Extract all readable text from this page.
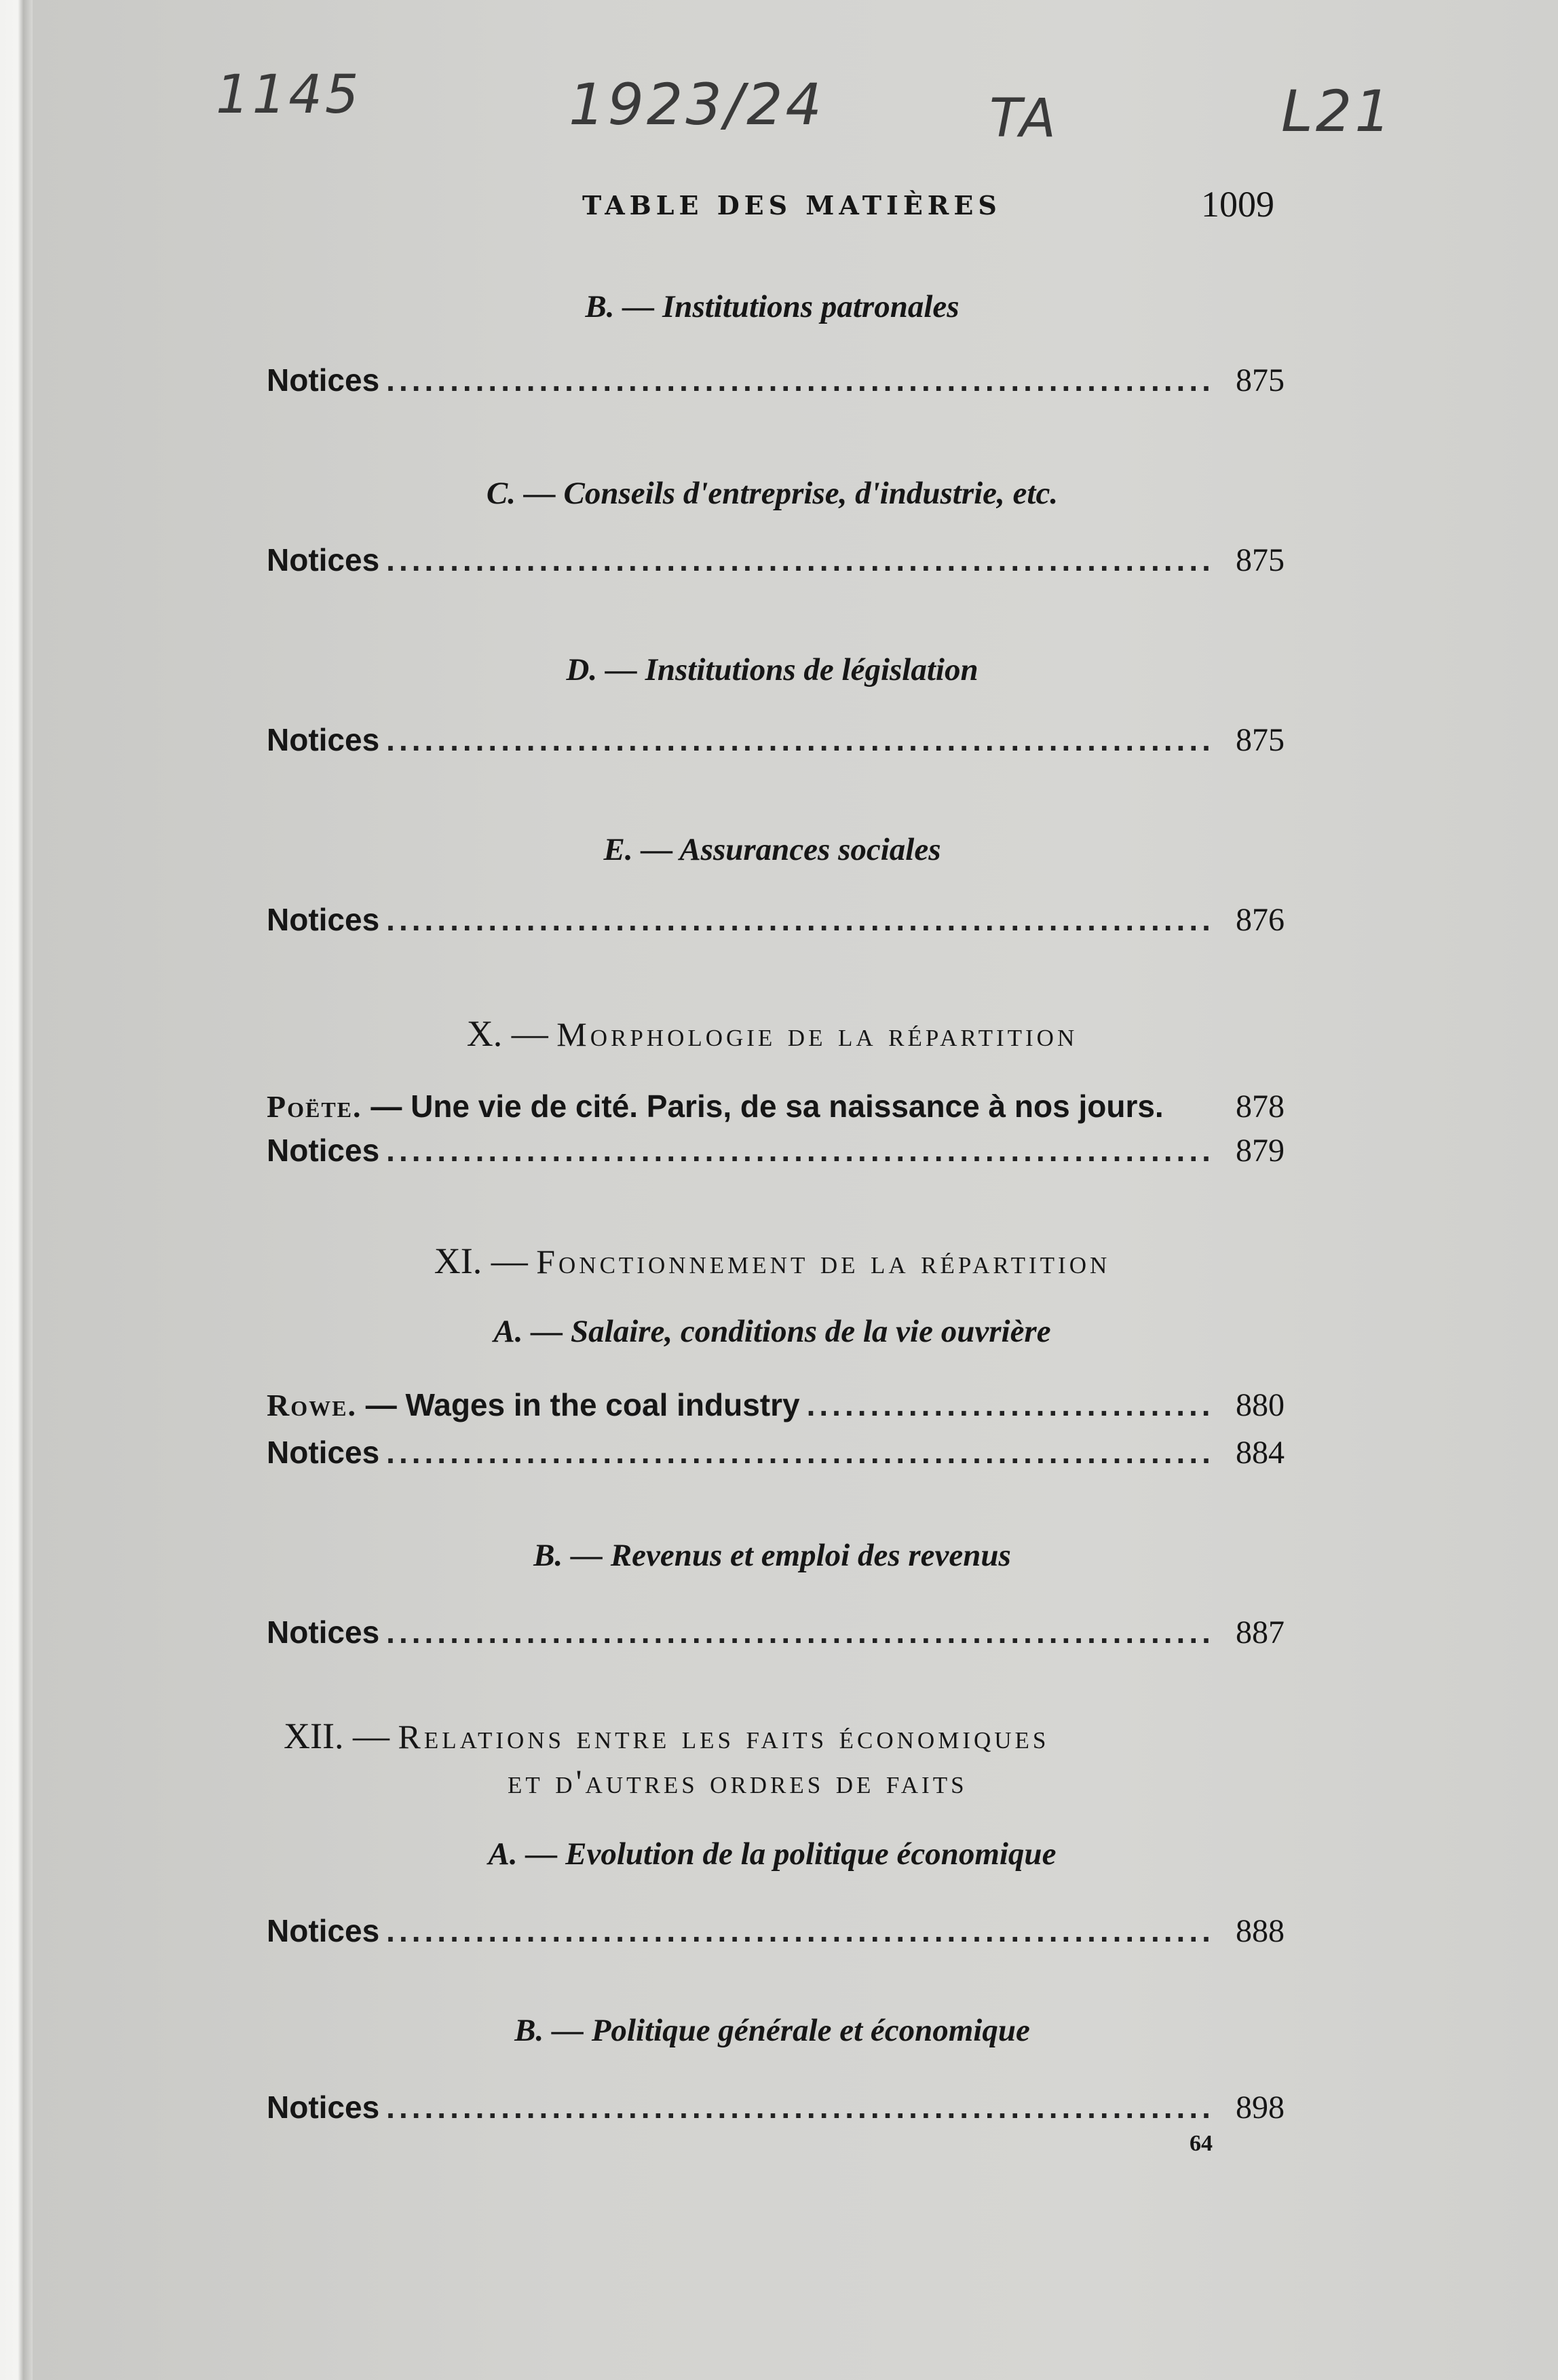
1145	1923/24	TA	L21
TABLE DES MATIÈRES	1009
B. — Institutions patronales
Notices .....	875
C. — Conseils d'entreprise, d'industrie, etc.
Notices .....	875
D. — Institutions de législation
Notices .....	875
E. — Assurances sociales
Notices .....	876
X. — Morphologie de la répartition
Poëte. — Une vie de cité. Paris, de sa naissance à nos jours.	878
Notices .....	879
XI. — Fonctionnement de la répartition
A. — Salaire, conditions de la vie ouvrière
Rowe. — Wages in the coal industry .....	880
Notices .....	884
B. — Revenus et emploi des revenus
Notices .....	887
XII. — Relations entre les faits économiques
et d'autres ordres de faits
A. — Evolution de la politique économique
Notices .....	888
B. — Politique générale et économique
Notices .....	898
64
